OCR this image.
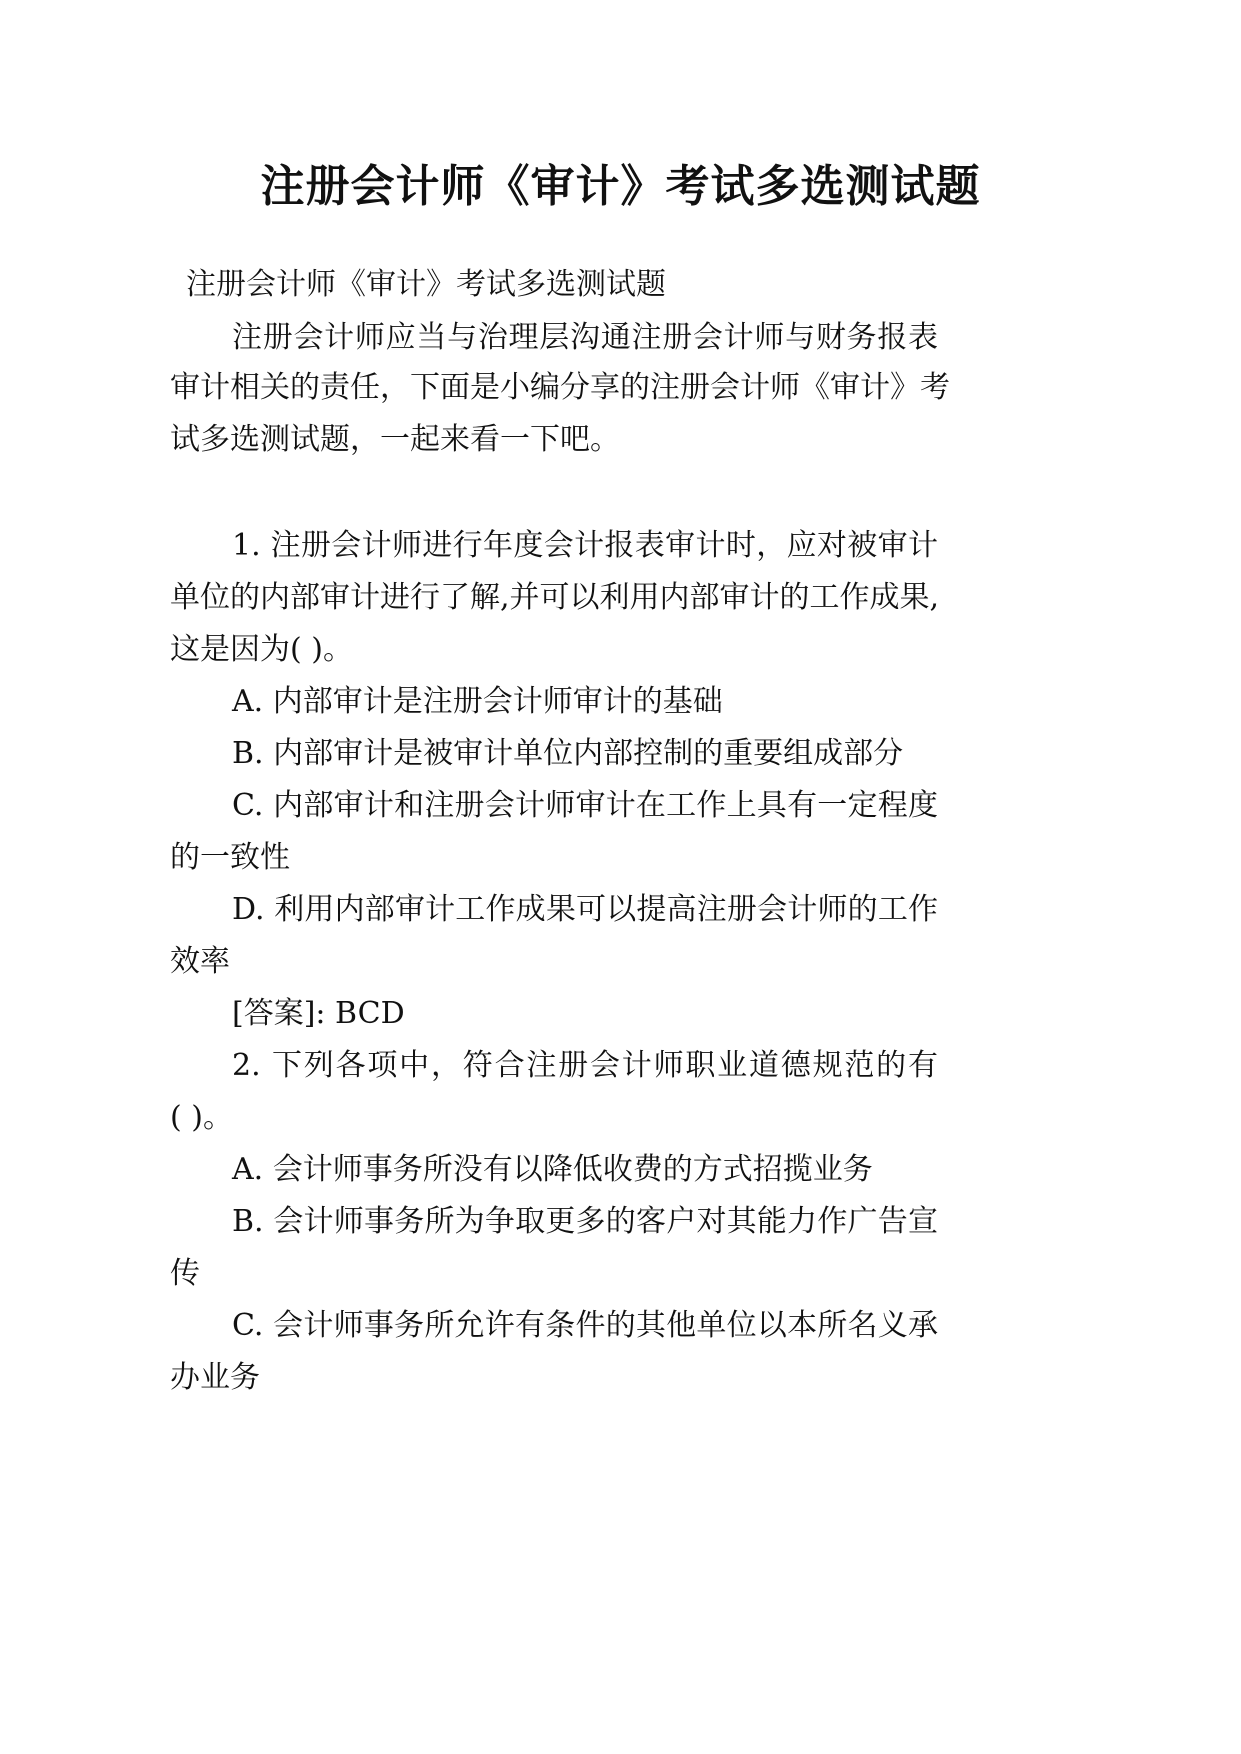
注册会计师《审计》考试多选测试题
注册会计师《审计》考试多选测试题
注册会计师应当与治理层沟通注册会计师与财务报表
审计相关的责任，下面是小编分享的注册会计师《审计》考
试多选测试题，一起来看一下吧。
1. 注册会计师进行年度会计报表审计时，应对被审计
单位的内部审计进行了解,并可以利用内部审计的工作成果,
这是因为( )。
A. 内部审计是注册会计师审计的基础
B. 内部审计是被审计单位内部控制的重要组成部分
C. 内部审计和注册会计师审计在工作上具有一定程度
的一致性
D. 利用内部审计工作成果可以提高注册会计师的工作
效率
[答案]: BCD
2. 下列各项中，符合注册会计师职业道德规范的有
( )。
A. 会计师事务所没有以降低收费的方式招揽业务
B. 会计师事务所为争取更多的客户对其能力作广告宣
传
C. 会计师事务所允许有条件的其他单位以本所名义承
办业务
